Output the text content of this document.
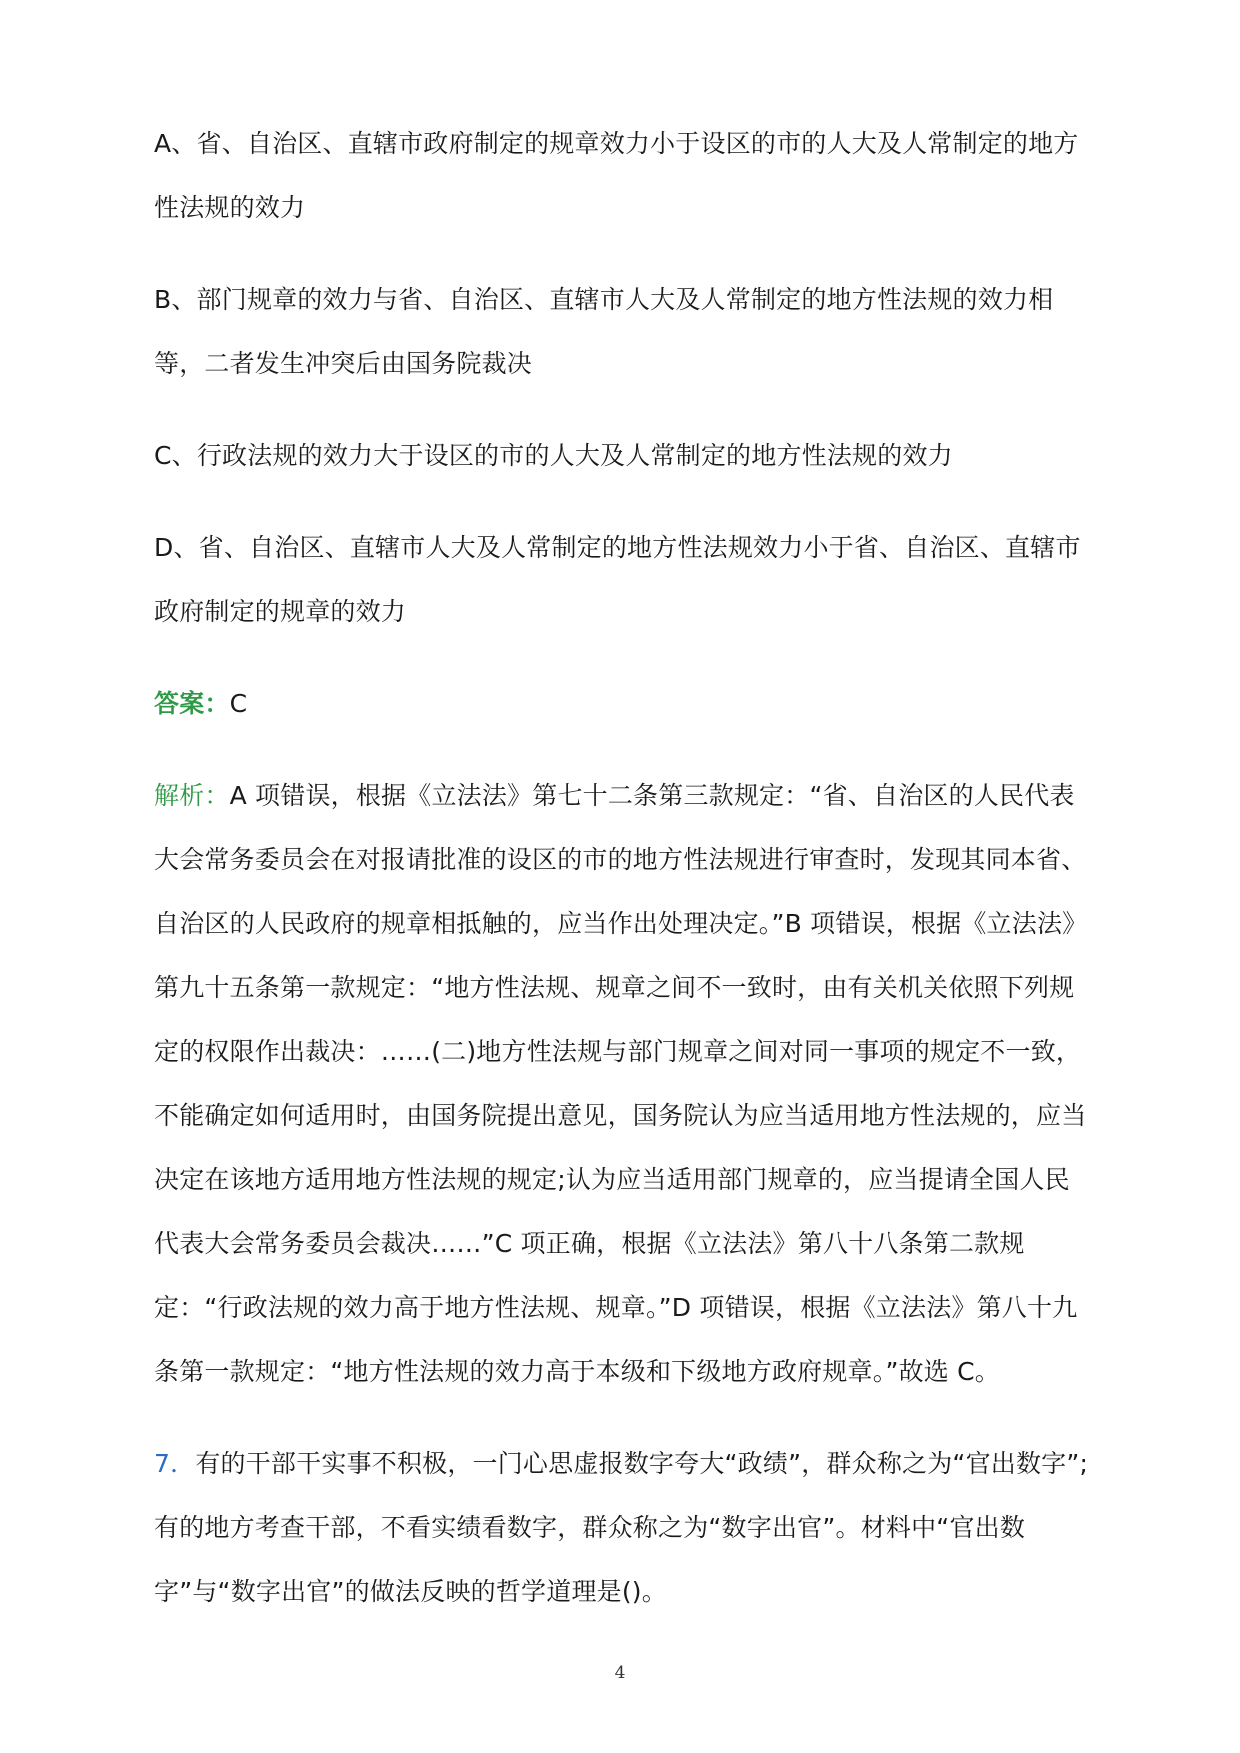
A、省、自治区、直辖市政府制定的规章效力小于设区的市的人大及人常制定的地方性法规的效力

B、部门规章的效力与省、自治区、直辖市人大及人常制定的地方性法规的效力相等，二者发生冲突后由国务院裁决

C、行政法规的效力大于设区的市的人大及人常制定的地方性法规的效力

D、省、自治区、直辖市人大及人常制定的地方性法规效力小于省、自治区、直辖市政府制定的规章的效力

答案：C

解析：A 项错误，根据《立法法》第七十二条第三款规定：“省、自治区的人民代表大会常务委员会在对报请批准的设区的市的地方性法规进行审查时，发现其同本省、自治区的人民政府的规章相抵触的，应当作出处理决定。”B 项错误，根据《立法法》第九十五条第一款规定：“地方性法规、规章之间不一致时，由有关机关依照下列规定的权限作出裁决：……(二)地方性法规与部门规章之间对同一事项的规定不一致，不能确定如何适用时，由国务院提出意见，国务院认为应当适用地方性法规的，应当决定在该地方适用地方性法规的规定;认为应当适用部门规章的，应当提请全国人民代表大会常务委员会裁决……”C 项正确，根据《立法法》第八十八条第二款规定：“行政法规的效力高于地方性法规、规章。”D 项错误，根据《立法法》第八十九条第一款规定：“地方性法规的效力高于本级和下级地方政府规章。”故选 C。

7．有的干部干实事不积极，一门心思虚报数字夸大“政绩”，群众称之为“官出数字”;有的地方考查干部，不看实绩看数字，群众称之为“数字出官”。材料中“官出数字”与“数字出官”的做法反映的哲学道理是()。

4
